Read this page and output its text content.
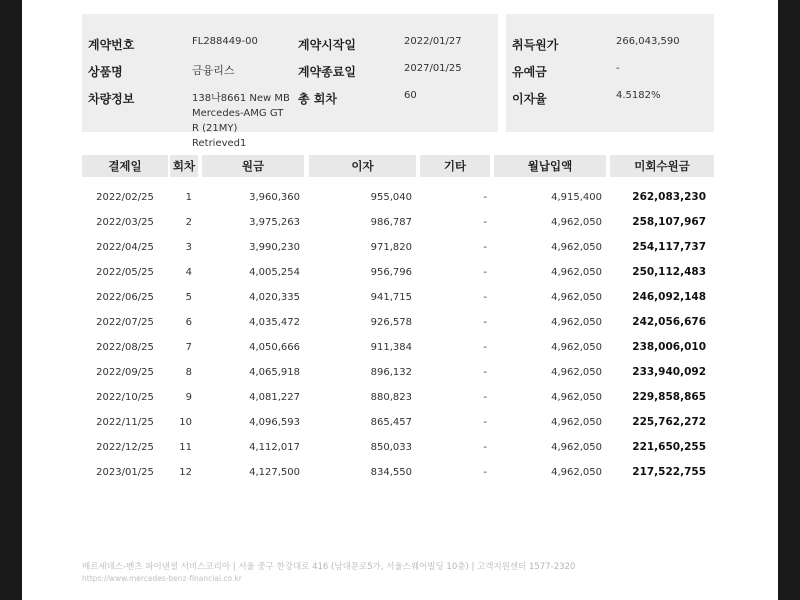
계약번호	FL288449-00
상품명	금융리스
차량정보	138나8661 New MB Mercedes-AMG GT R (21MY) Retrieved1
계약시작일	2022/01/27
계약종료일	2027/01/25
총 회차	60
취득원가	266,043,590
유예금	-
이자율	4.5182%
결제일	회차	원금	이자	기타	월납입액	미회수원금
2022/02/25	1	3,960,360	955,040	-	4,915,400	262,083,230
2022/03/25	2	3,975,263	986,787	-	4,962,050	258,107,967
2022/04/25	3	3,990,230	971,820	-	4,962,050	254,117,737
2022/05/25	4	4,005,254	956,796	-	4,962,050	250,112,483
2022/06/25	5	4,020,335	941,715	-	4,962,050	246,092,148
2022/07/25	6	4,035,472	926,578	-	4,962,050	242,056,676
2022/08/25	7	4,050,666	911,384	-	4,962,050	238,006,010
2022/09/25	8	4,065,918	896,132	-	4,962,050	233,940,092
2022/10/25	9	4,081,227	880,823	-	4,962,050	229,858,865
2022/11/25	10	4,096,593	865,457	-	4,962,050	225,762,272
2022/12/25	11	4,112,017	850,033	-	4,962,050	221,650,255
2023/01/25	12	4,127,500	834,550	-	4,962,050	217,522,755
메르세데스-벤츠 파이낸셜 서비스코리아 | 서울 중구 한강대로 416 (남대문로5가, 서울스퀘어빌딩 10층) | 고객지원센터 1577-2320
https://www.mercedes-benz-financial.co.kr
